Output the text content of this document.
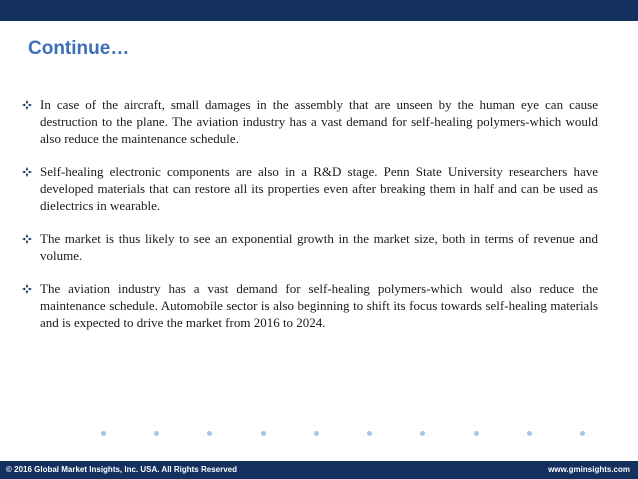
Continue…
In case of the aircraft, small damages in the assembly that are unseen by the human eye can cause destruction to the plane. The aviation industry has a vast demand for self-healing polymers-which would also reduce the maintenance schedule.
Self-healing electronic components are also in a R&D stage. Penn State University researchers have developed materials that can restore all its properties even after breaking them in half and can be used as dielectrics in wearable.
The market is thus likely to see an exponential growth in the market size, both in terms of revenue and volume.
The aviation industry has a vast demand for self-healing polymers-which would also reduce the maintenance schedule. Automobile sector is also beginning to shift its focus towards self-healing materials and is expected to drive the market from 2016 to 2024.
© 2016 Global Market Insights, Inc. USA. All Rights Reserved	www.gminsights.com
